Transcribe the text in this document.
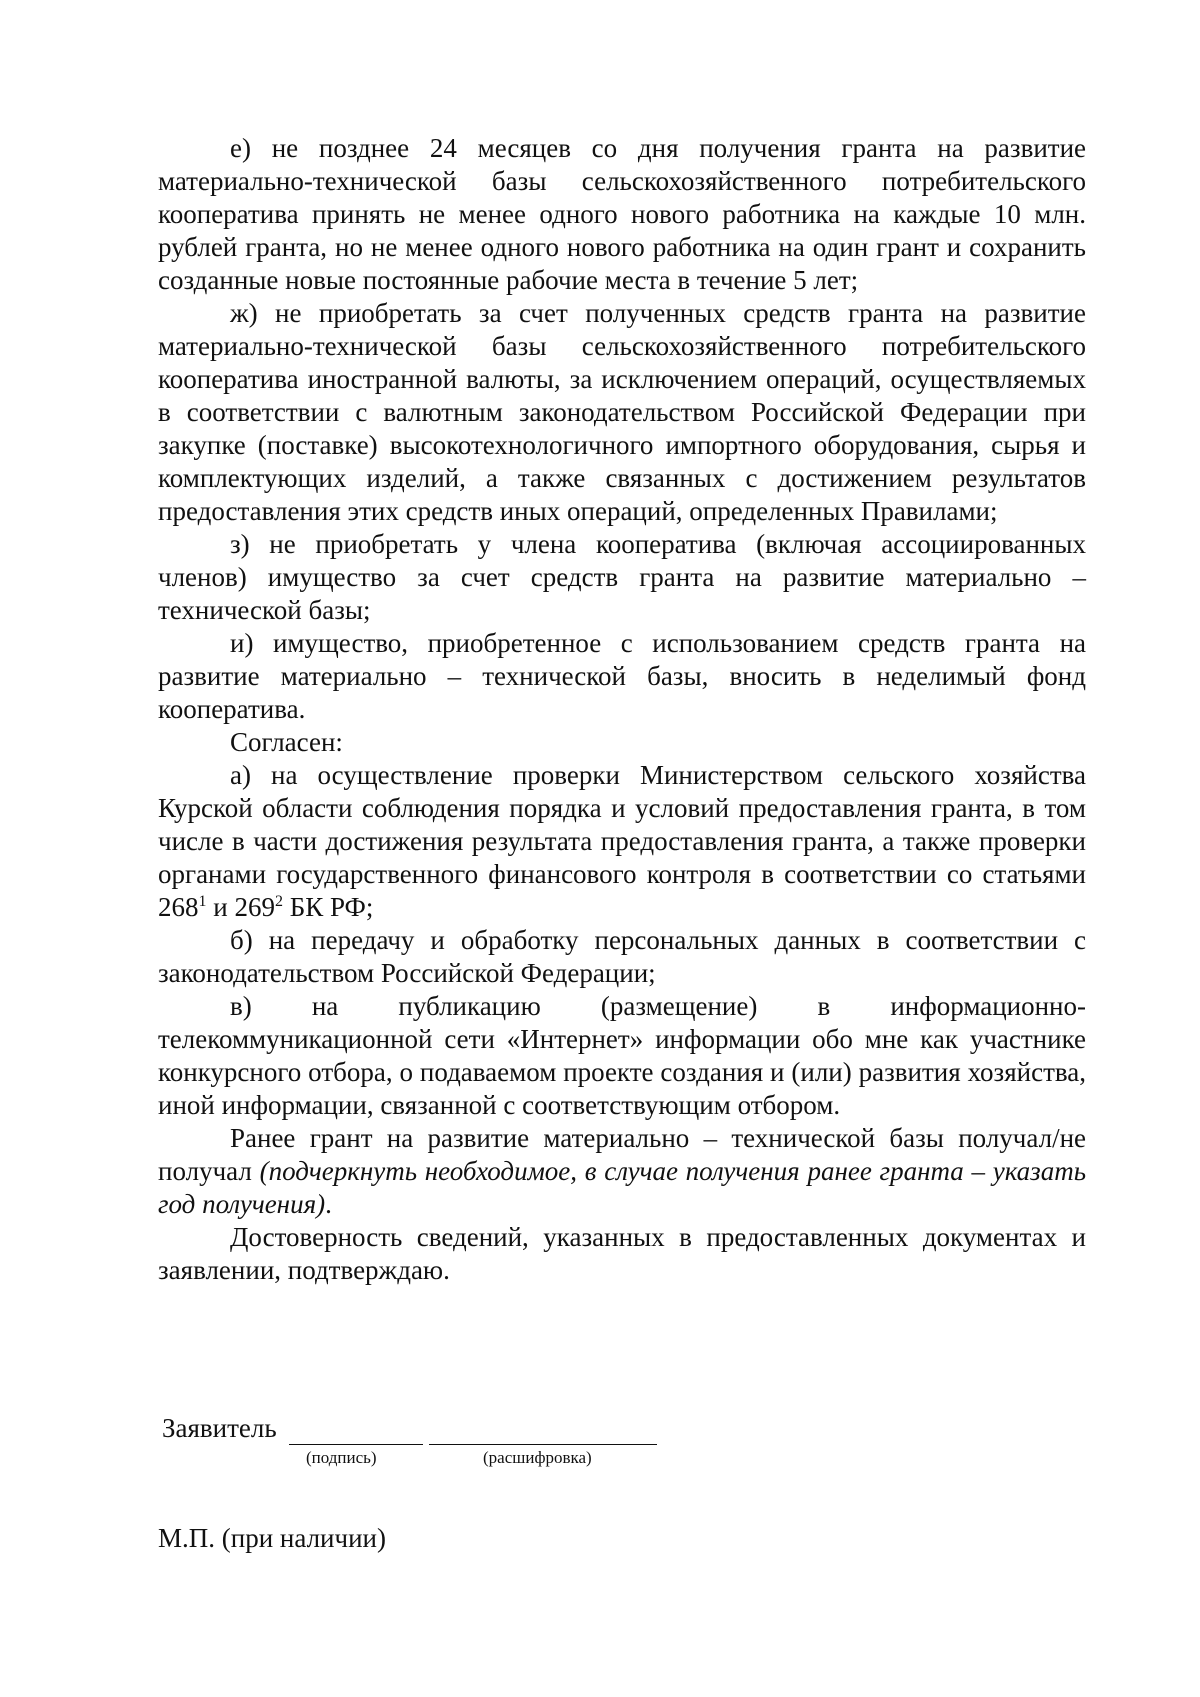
е) не позднее 24 месяцев со дня получения гранта на развитие материально-технической базы сельскохозяйственного потребительского кооператива принять не менее одного нового работника на каждые 10 млн. рублей гранта, но не менее одного нового работника на один грант и сохранить созданные новые постоянные рабочие места в течение 5 лет;

ж) не приобретать за счет полученных средств гранта на развитие материально-технической базы сельскохозяйственного потребительского кооператива иностранной валюты, за исключением операций, осуществляемых в соответствии с валютным законодательством Российской Федерации при закупке (поставке) высокотехнологичного импортного оборудования, сырья и комплектующих изделий, а также связанных с достижением результатов предоставления этих средств иных операций, определенных Правилами;

з) не приобретать у члена кооператива (включая ассоциированных членов) имущество за счет средств гранта на развитие материально – технической базы;

и) имущество, приобретенное с использованием средств гранта на развитие материально – технической базы, вносить в неделимый фонд кооператива.

Согласен:

а) на осуществление проверки Министерством сельского хозяйства Курской области соблюдения порядка и условий предоставления гранта, в том числе в части достижения результата предоставления гранта, а также проверки органами государственного финансового контроля в соответствии со статьями $268^1$ и $269^2$ БК РФ;

б) на передачу и обработку персональных данных в соответствии с законодательством Российской Федерации;

в) на публикацию (размещение) в информационно-телекоммуникационной сети «Интернет» информации обо мне как участнике конкурсного отбора, о подаваемом проекте создания и (или) развития хозяйства, иной информации, связанной с соответствующим отбором.

Ранее грант на развитие материально – технической базы получал/не получал (подчеркнуть необходимое, в случае получения ранее гранта – указать год получения).

Достоверность сведений, указанных в предоставленных документах и заявлении, подтверждаю.

Заявитель
(подпись)	(расшифровка)
М.П. (при наличии)
